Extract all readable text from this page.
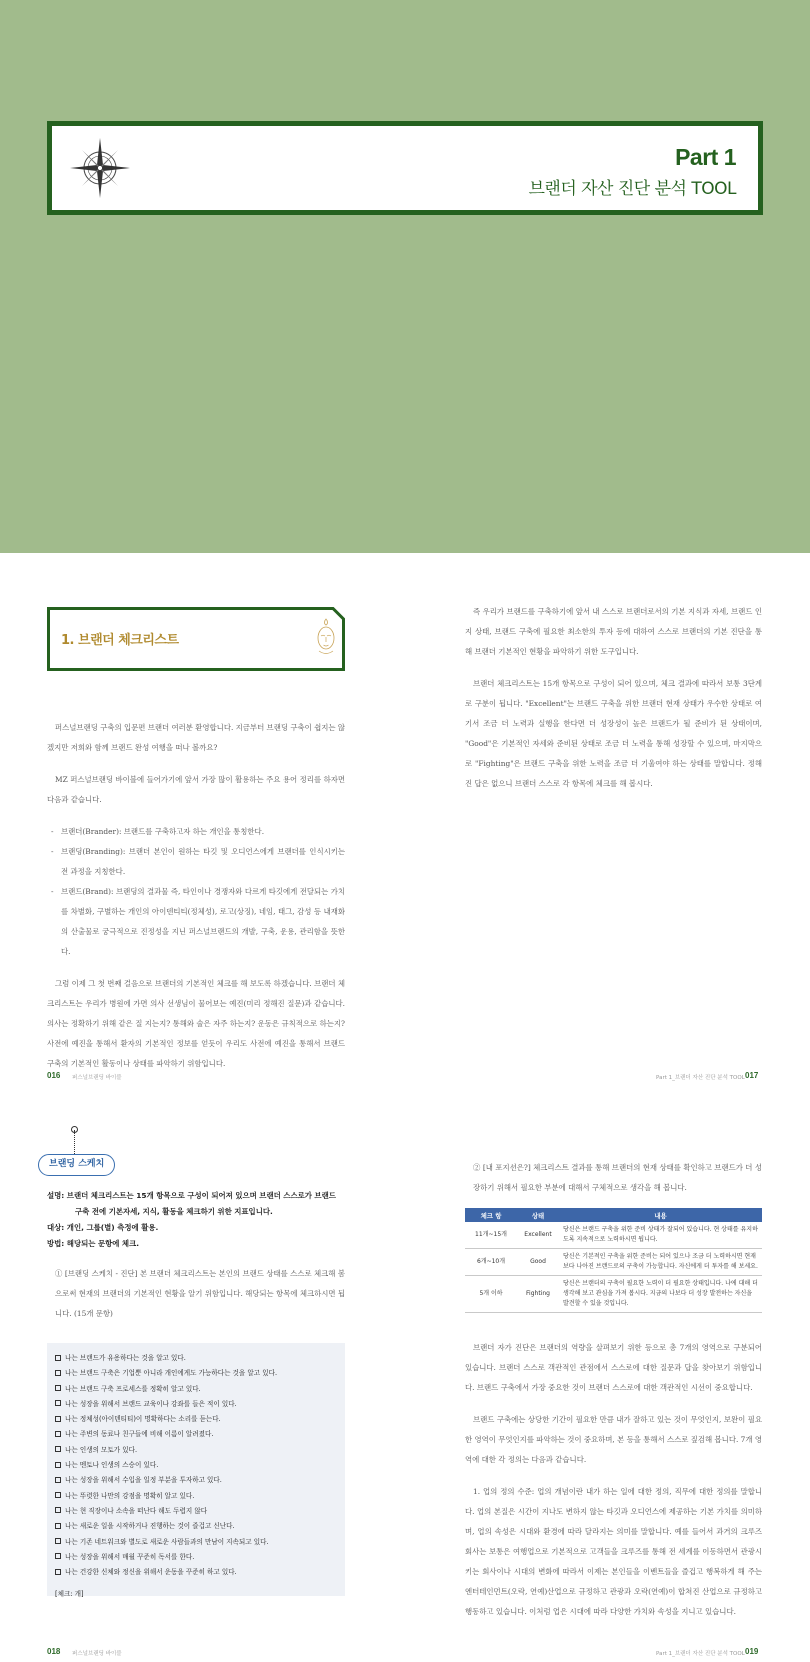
Part 1
브랜더 자산 진단 분석 TOOL
1. 브랜더 체크리스트

퍼스널브랜딩 구축의 입문편 브랜더 여러분 환영합니다. 지금부터 브랜딩 구축이 쉽지는 않겠지만 저희와 함께 브랜드 완성 여행을 떠나 볼까요?

MZ 퍼스널브랜딩 바이블에 들어가기에 앞서 가장 많이 활용하는 주요 용어 정리를 하자면 다음과 같습니다.

- 브랜더(Brander): 브랜드를 구축하고자 하는 개인을 통칭한다.
- 브랜딩(Branding): 브랜더 본인이 원하는 타깃 및 오디언스에게 브랜더를 인식시키는 전 과정을 지칭한다.
- 브랜드(Brand): 브랜딩의 결과물 즉, 타인이나 경쟁자와 다르게 타깃에게 전달되는 가치를 차별화, 구별하는 개인의 아이덴티티(정체성), 로고(상징), 네임, 태그, 감성 등 내재화의 산출물로 궁극적으로 진정성을 지닌 퍼스널브랜드의 개발, 구축, 운용, 관리함을 뜻한다.

그럼 이제 그 첫 번째 걸음으로 브랜더의 기본적인 체크를 해 보도록 하겠습니다. 브랜더 체크리스트는 우리가 병원에 가면 의사 선생님이 물어보는 예진(미리 정해진 질문)과 같습니다. 의사는 정확하기 위해 같은 질 지는지? 통해와 술은 자주 하는지? 운동은 규칙적으로 하는지? 사전에 예진을 통해서 환자의 기본적인 정보를 얻듯이 우리도 사전에 예진을 통해서 브랜드 구축의 기본적인 활동이나 상태를 파악하기 위함입니다.

016 퍼스널브랜딩 바이블

즉 우리가 브랜드를 구축하기에 앞서 내 스스로 브랜더로서의 기본 지식과 자세, 브랜드 인지 상태, 브랜드 구축에 필요한 최소한의 투자 등에 대하여 스스로 브랜더의 기본 진단을 통해 브랜더 기본적인 현황을 파악하기 위한 도구입니다.

브랜더 체크리스트는 15개 항목으로 구성이 되어 있으며, 체크 결과에 따라서 보통 3단계로 구분이 됩니다. "Excellent"는 브랜드 구축을 위한 브랜더 현재 상태가 우수한 상태로 여기서 조금 더 노력과 실행을 한다면 더 성장성이 높은 브랜드가 될 준비가 된 상태이며, "Good"은 기본적인 자세와 준비된 상태로 조금 더 노력을 통해 성장할 수 있으며, 마지막으로 "Fighting"은 브랜드 구축을 위한 노력을 조금 더 기울여야 하는 상태를 말합니다. 정해진 답은 없으니 브랜더 스스로 각 항목에 체크를 해 봅시다.

Part 1_브랜더 자산 진단 분석 TOOL 017
브랜딩 스케치
설명: 브랜더 체크리스트는 15개 항목으로 구성이 되어져 있으며 브랜더 스스로가 브랜드
구축 전에 기본자세, 지식, 활동을 체크하기 위한 지표입니다.
대상: 개인, 그룹(별) 측정에 활용.
방법: 해당되는 문항에 체크.

① [브랜딩 스케치 - 진단] 본 브랜더 체크리스트는 본인의 브랜드 상태를 스스로 체크해 봄으로써 현재의 브랜더의 기본적인 현황을 알기 위함입니다. 해당되는 항목에 체크하시면 됩니다. (15개 문항)

나는 브랜드가 유용하다는 것을 알고 있다.
나는 브랜드 구축은 기업뿐 아니라 개인에게도 가능하다는 것을 알고 있다.
나는 브랜드 구축 프로세스를 정확히 알고 있다.
나는 성장을 위해서 브랜드 교육이나 강좌를 들은 적이 있다.
나는 정체성(아이덴티티)이 명확하다는 소리를 듣는다.
나는 주변의 동료나 친구들에 비해 이름이 알려졌다.
나는 인생의 모토가 있다.
나는 멘토나 인생의 스승이 있다.
나는 성장을 위해서 수입을 일정 부분을 투자하고 있다.
나는 뚜렷한 나만의 강점을 명확히 알고 있다.
나는 현 직장이나 소속을 떠난다 해도 두렵지 않다
나는 새로운 일을 시작하거나 진행하는 것이 즐겁고 신난다.
나는 기존 네트워크와 별도로 새로운 사람들과의 만남이 지속되고 있다.
나는 성장을 위해서 매월 꾸준히 독서를 한다.
나는 건강한 신체와 정신을 위해서 운동을 꾸준히 하고 있다.
[체크: 개]
018 퍼스널브랜딩 바이블

② [내 포지션은?] 체크리스트 결과를 통해 브랜더의 현재 상태를 확인하고 브랜드가 더 성장하기 위해서 필요한 부분에 대해서 구체적으로 생각을 해 봅니다.

체크 항	상태	내용
11개~15개	Excellent	당신은 브랜드 구축을 위한 준비 상태가 잘되어 있습니다. 현 상태를 유지하도록 지속적으로 노력하시면 됩니다.
6개~10개	Good	당신은 기본적인 구축을 위한 준비는 되어 있으나 조금 더 노력하시면 현재보다 나아진 브랜드로의 구축이 가능합니다. 자신에게 더 투자를 해 보세요.
5개 이하	Fighting	당신은 브랜더의 구축이 필요한 노력이 더 필요한 상태입니다. 나에 대해 더 생각해 보고 관심을 가져 봅시다. 지금의 나보다 더 성장 발전하는 자신을 발견할 수 있을 것입니다.

브랜더 자가 진단은 브랜더의 역량을 살펴보기 위한 등으로 총 7개의 영역으로 구분되어 있습니다. 브랜더 스스로 객관적인 관점에서 스스로에 대한 질문과 답을 찾아보기 위함입니다. 브랜드 구축에서 가장 중요한 것이 브랜더 스스로에 대한 객관적인 시선이 중요합니다.

브랜드 구축에는 상당한 기간이 필요한 만큼 내가 잘하고 있는 것이 무엇인지, 보완이 필요한 영역이 무엇인지를 파악하는 것이 중요하며, 본 등을 통해서 스스로 짚검해 봅니다. 7개 영역에 대한 각 정의는 다음과 같습니다.

1. 업의 정의 수준: 업의 개념이란 내가 하는 일에 대한 정의, 직무에 대한 정의를 말합니다. 업의 본질은 시간이 지나도 변하지 않는 타깃과 오디언스에 제공하는 기본 가치를 의미하며, 업의 속성은 시대와 환경에 따라 달라지는 의미를 말합니다. 예를 들어서 과거의 크루즈 회사는 보통은 여행업으로 기본적으로 고객들을 크루즈를 통해 전 세계를 이동하면서 관광시키는 회사이나 시대의 변화에 따라서 이제는 본인들을 이벤트들을 즐겁고 행복하게 해 주는 엔터테인먼트(오락, 연예)산업으로 규정하고 관광과 오락(연예)이 합쳐진 산업으로 규정하고 행동하고 있습니다. 이처럼 업은 시대에 따라 다양한 가치와 속성을 지니고 있습니다.

Part 1_브랜더 자산 진단 분석 TOOL 019
